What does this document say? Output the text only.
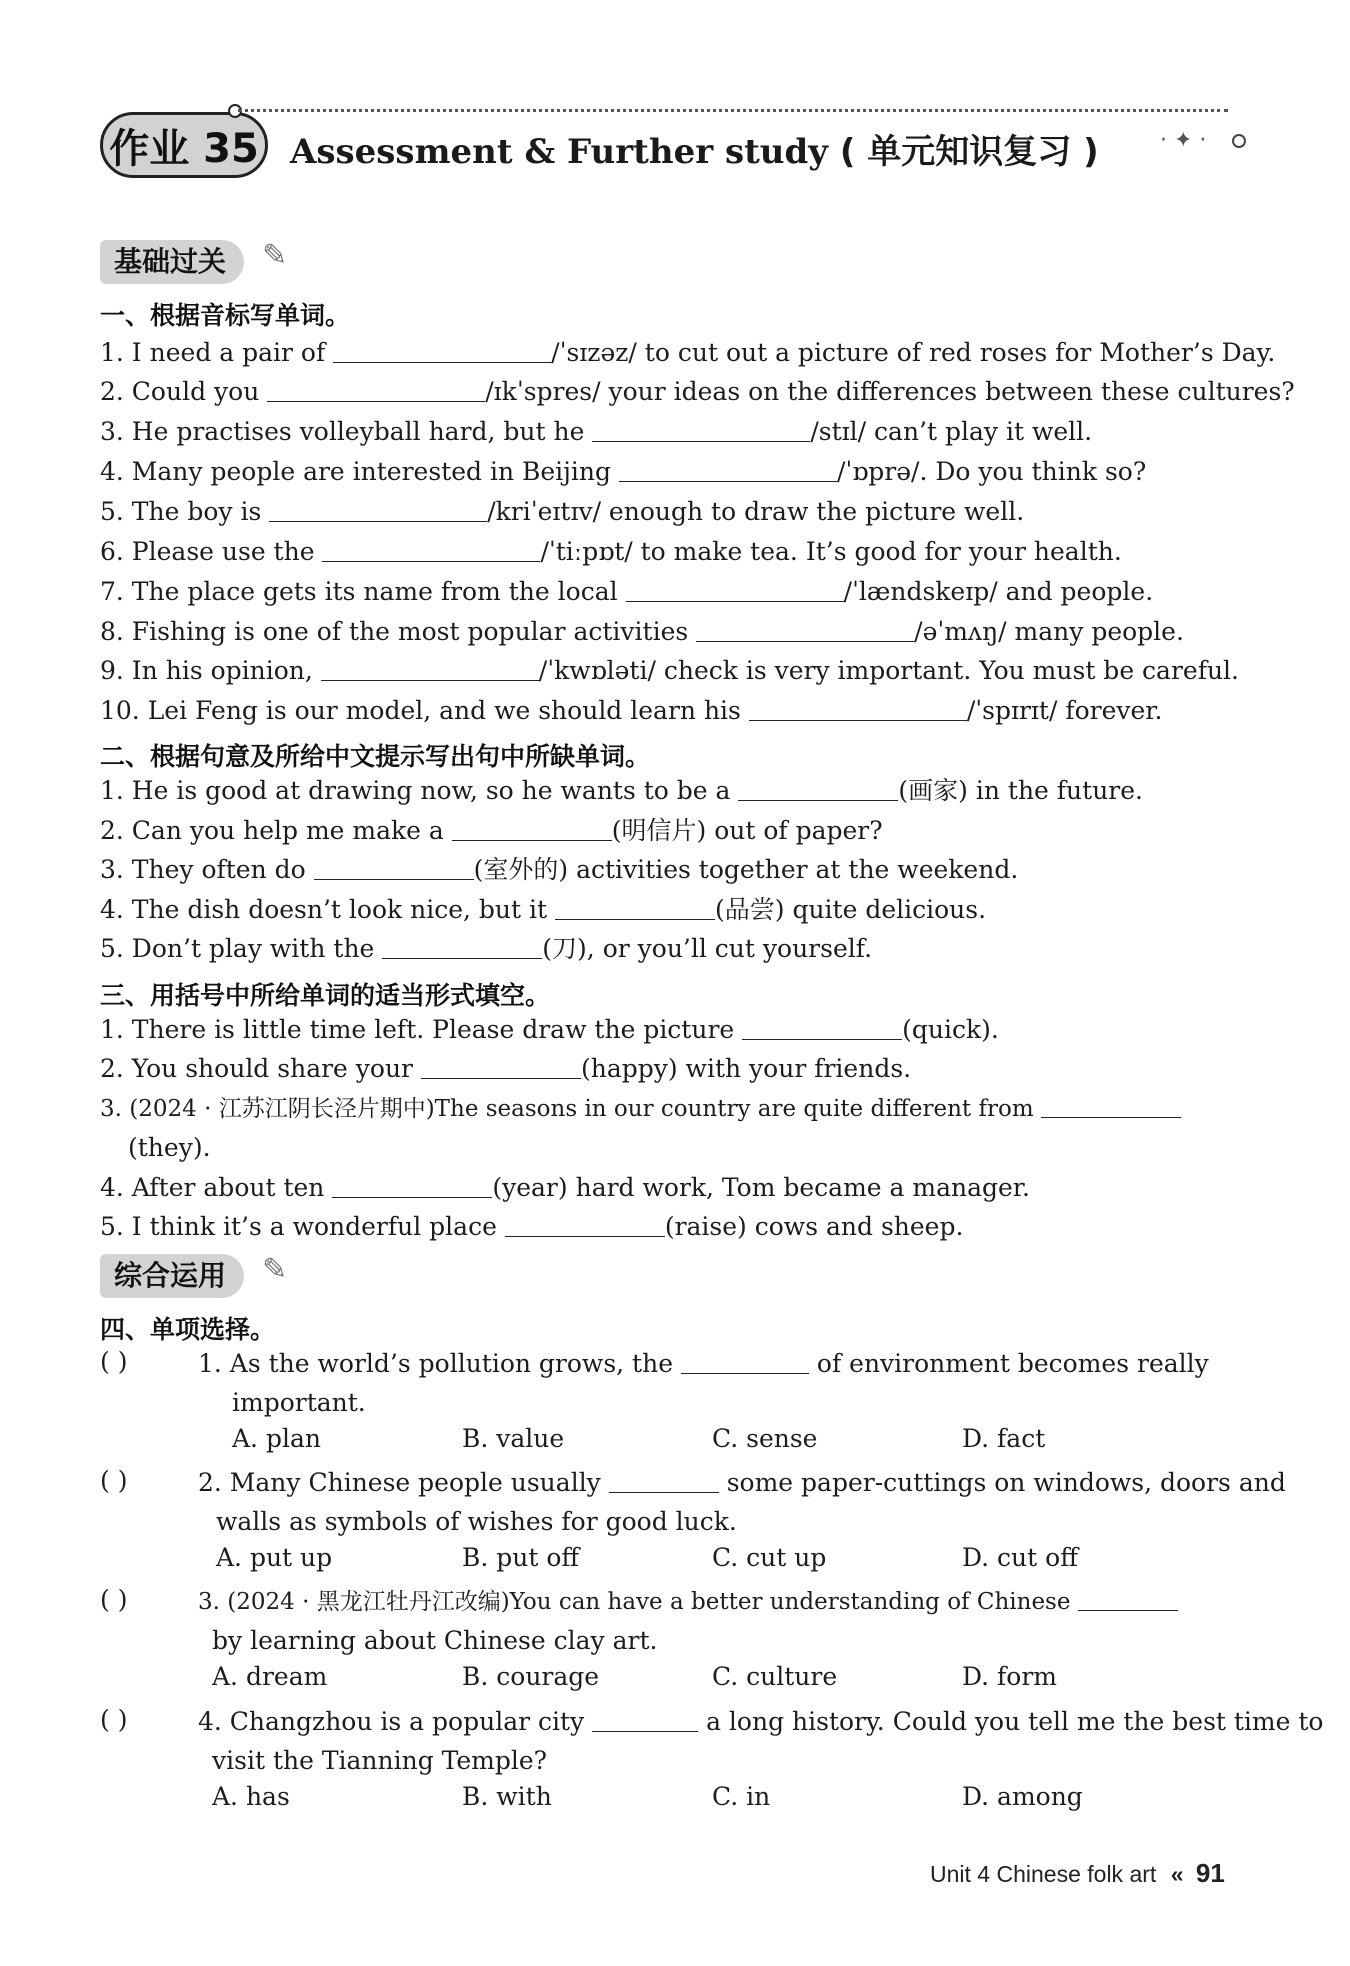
作业 35 Assessment & Further study ( 单元知识复习 )	· ✦ ·
基础过关	✎
一、根据音标写单词。
1. I need a pair of	/ˈsɪzəz/ to cut out a picture of red roses for Mother’s Day.
2. Could you	/ɪkˈspres/ your ideas on the differences between these cultures?
3. He practises volleyball hard, but he	/stɪl/ can’t play it well.
4. Many people are interested in Beijing	/ˈɒprə/. Do you think so?
5. The boy is	/kriˈeɪtɪv/ enough to draw the picture well.
6. Please use the	/ˈtiːpɒt/ to make tea. It’s good for your health.
7. The place gets its name from the local	/ˈlændskeɪp/ and people.
8. Fishing is one of the most popular activities	/əˈmʌŋ/ many people.
9. In his opinion,	/ˈkwɒləti/ check is very important. You must be careful.
10. Lei Feng is our model, and we should learn his	/ˈspɪrɪt/ forever.
二、根据句意及所给中文提示写出句中所缺单词。
1. He is good at drawing now, so he wants to be a	(画家) in the future.
2. Can you help me make a	(明信片) out of paper?
3. They often do	(室外的) activities together at the weekend.
4. The dish doesn’t look nice, but it	(品尝) quite delicious.
5. Don’t play with the	(刀), or you’ll cut yourself.
三、用括号中所给单词的适当形式填空。
1. There is little time left. Please draw the picture	(quick).
2. You should share your	(happy) with your friends.
3. (2024 · 江苏江阴长泾片期中)The seasons in our country are quite different from
(they).
4. After about ten	(year) hard work, Tom became a manager.
5. I think it’s a wonderful place	(raise) cows and sheep.
综合运用	✎
四、单项选择。
( )	1. As the world’s pollution grows, the	of environment becomes really
important.
A. plan	B. value	C. sense	D. fact
( )	2. Many Chinese people usually	some paper-cuttings on windows, doors and
walls as symbols of wishes for good luck.
A. put up	B. put off	C. cut up	D. cut off
( )	3. (2024 · 黑龙江牡丹江改编)You can have a better understanding of Chinese
by learning about Chinese clay art.
A. dream	B. courage	C. culture	D. form
( )	4. Changzhou is a popular city	a long history. Could you tell me the best time to
visit the Tianning Temple?
A. has	B. with	C. in	D. among
Unit 4 Chinese folk art « 91
